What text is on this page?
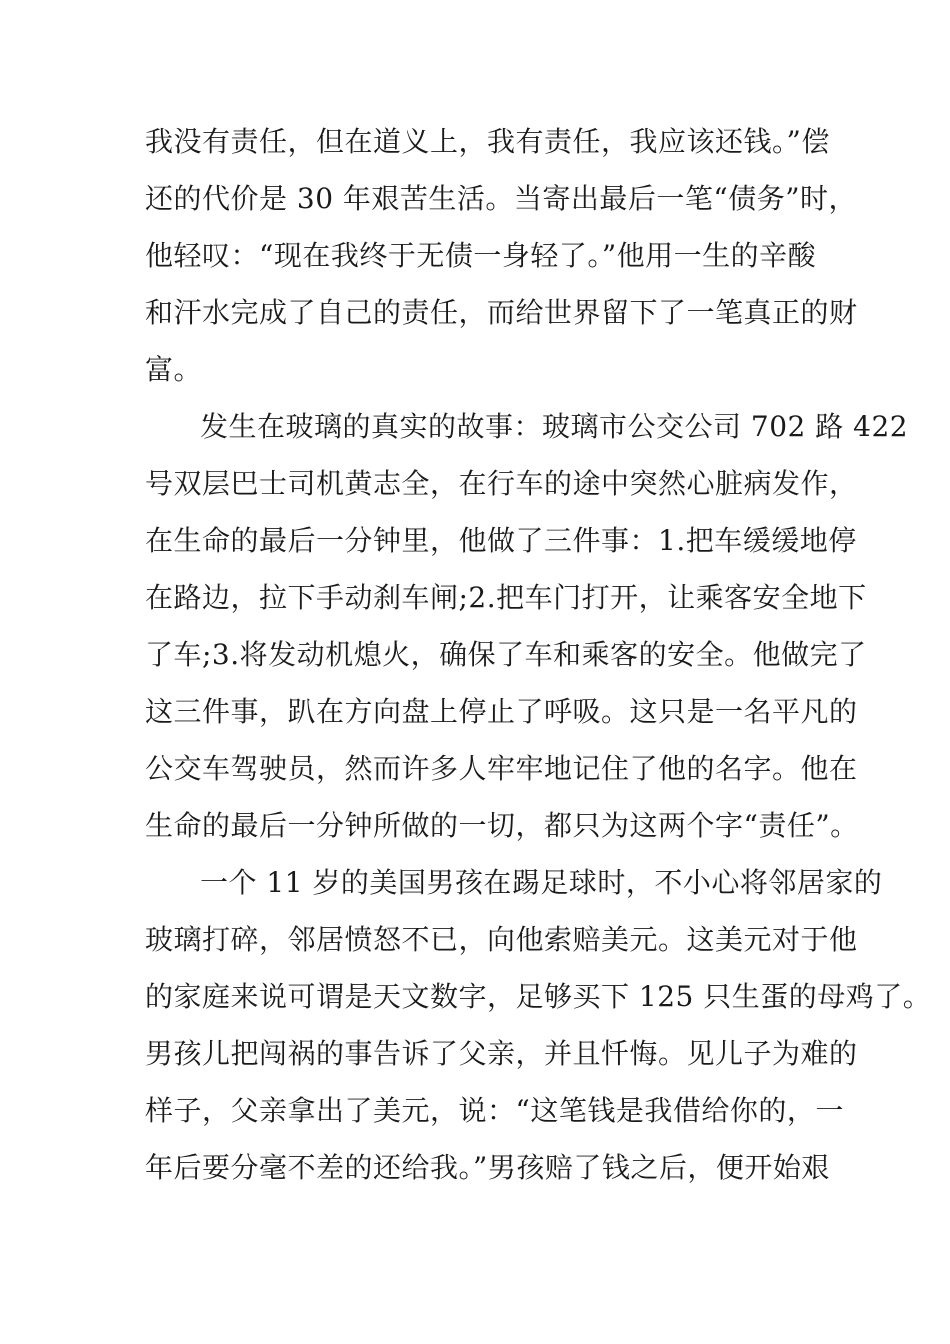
我没有责任，但在道义上，我有责任，我应该还钱。”偿
还的代价是 30 年艰苦生活。当寄出最后一笔“债务”时，
他轻叹：“现在我终于无债一身轻了。”他用一生的辛酸
和汗水完成了自己的责任，而给世界留下了一笔真正的财
富。
发生在玻璃的真实的故事：玻璃市公交公司 702 路 422
号双层巴士司机黄志全，在行车的途中突然心脏病发作，
在生命的最后一分钟里，他做了三件事：1.把车缓缓地停
在路边，拉下手动刹车闸;2.把车门打开，让乘客安全地下
了车;3.将发动机熄火，确保了车和乘客的安全。他做完了
这三件事，趴在方向盘上停止了呼吸。这只是一名平凡的
公交车驾驶员，然而许多人牢牢地记住了他的名字。他在
生命的最后一分钟所做的一切，都只为这两个字“责任”。
一个 11 岁的美国男孩在踢足球时，不小心将邻居家的
玻璃打碎，邻居愤怒不已，向他索赔美元。这美元对于他
的家庭来说可谓是天文数字，足够买下 125 只生蛋的母鸡了。
男孩儿把闯祸的事告诉了父亲，并且忏悔。见儿子为难的
样子，父亲拿出了美元，说：“这笔钱是我借给你的，一
年后要分毫不差的还给我。”男孩赔了钱之后，便开始艰
